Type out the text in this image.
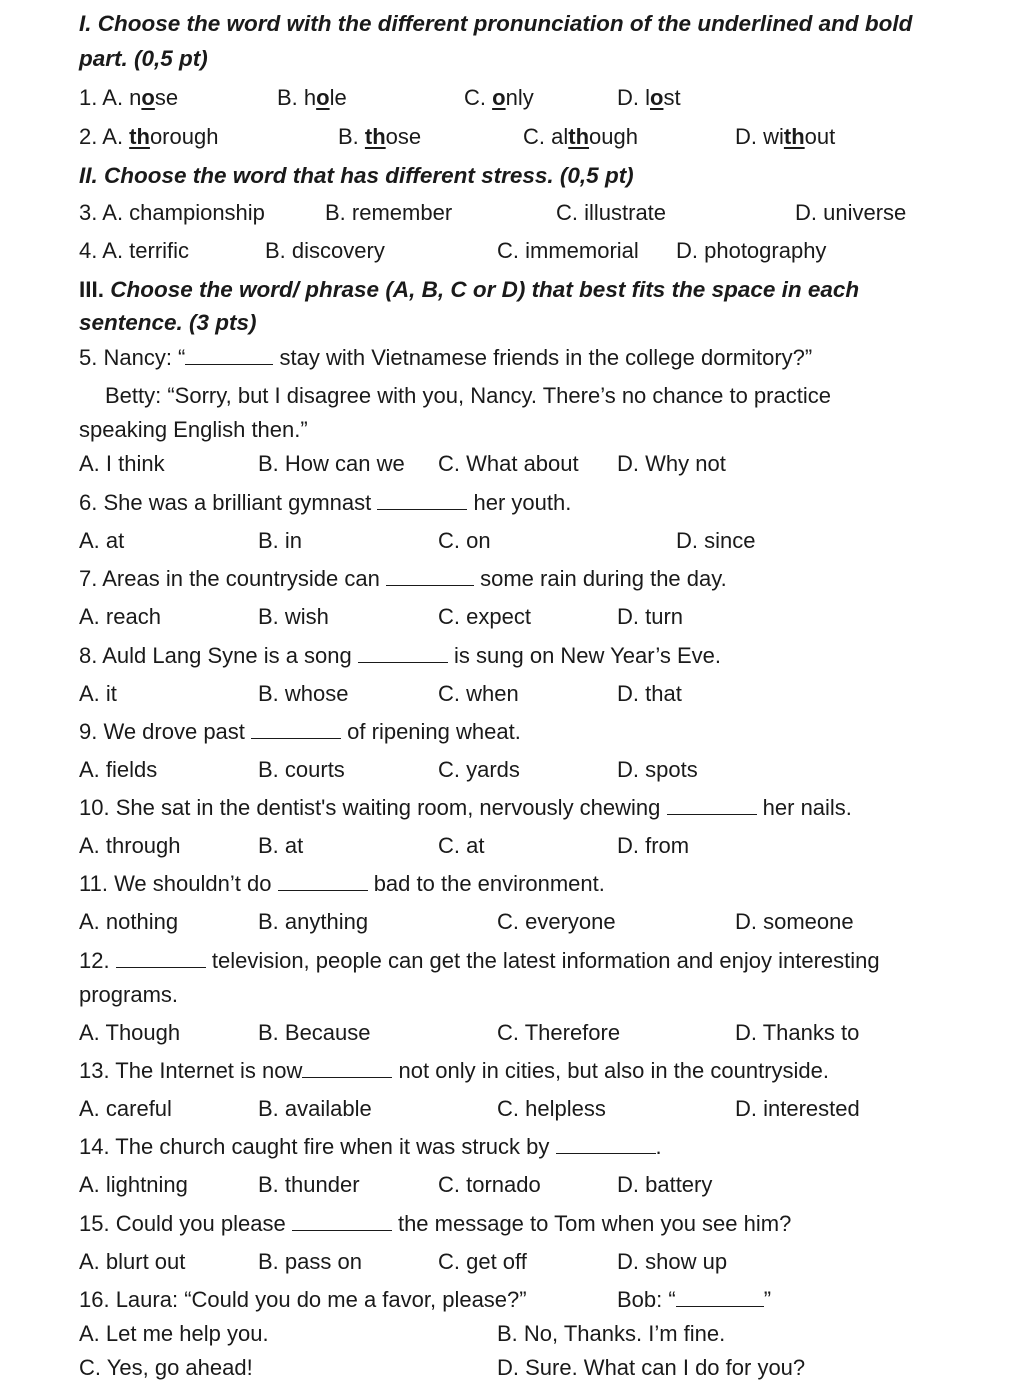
I. Choose the word with the different pronunciation of the underlined and bold
part. (0,5 pt)
1. A. nose	B. hole	C. only	D. lost
2. A. thorough	B. those	C. although	D. without
II. Choose the word that has different stress. (0,5 pt)
3. A. championship	B. remember	C. illustrate	D. universe
4. A. terrific	B. discovery	C. immemorial D. photography
III. Choose the word/ phrase (A, B, C or D) that best fits the space in each
sentence. (3 pts)
5. Nancy: “	stay with Vietnamese friends in the college dormitory?”
Betty: “Sorry, but I disagree with you, Nancy. There’s no chance to practice
speaking English then.”
A. I think	B. How can we C. What about D. Why not
6. She was a brilliant gymnast	her youth.
A. at	B. in	C. on	D. since
7. Areas in the countryside can	some rain during the day.
A. reach	B. wish	C. expect	D. turn
8. Auld Lang Syne is a song	is sung on New Year’s Eve.
A. it	B. whose	C. when	D. that
9. We drove past	of ripening wheat.
A. fields	B. courts	C. yards	D. spots
10. She sat in the dentist's waiting room, nervously chewing	her nails.
A. through	B. at	C. at	D. from
11. We shouldn’t do	bad to the environment.
A. nothing	B. anything	C. everyone	D. someone
12.	television, people can get the latest information and enjoy interesting
programs.
A. Though	B. Because	C. Therefore	D. Thanks to
13. The Internet is now	not only in cities, but also in the countryside.
A. careful	B. available	C. helpless	D. interested
14. The church caught fire when it was struck by	.
A. lightning	B. thunder	C. tornado	D. battery
15. Could you please	the message to Tom when you see him?
A. blurt out	B. pass on	C. get off	D. show up
16. Laura: “Could you do me a favor, please?”	Bob: “	”
A. Let me help you.	B. No, Thanks. I’m fine.
C. Yes, go ahead!	D. Sure. What can I do for you?
